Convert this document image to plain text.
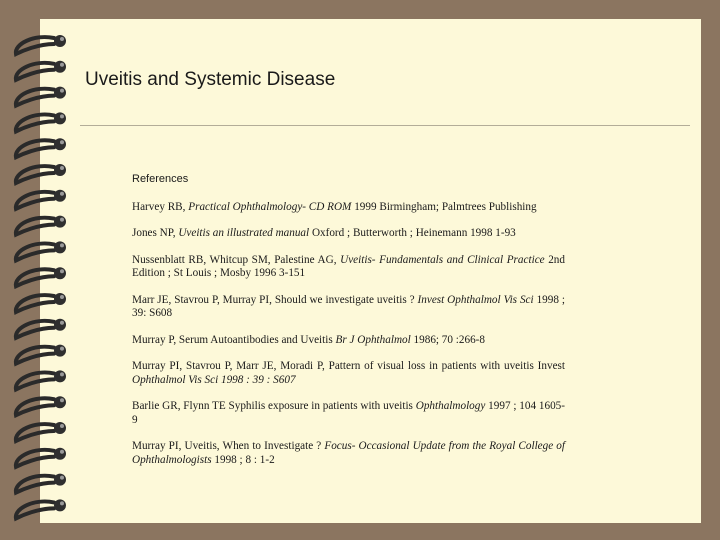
Uveitis and Systemic Disease
References

Harvey RB, Practical Ophthalmology- CD ROM 1999 Birmingham; Palmtrees Publishing

Jones NP, Uveitis an illustrated manual Oxford ; Butterworth ; Heinemann 1998 1-93

Nussenblatt RB, Whitcup SM, Palestine AG, Uveitis- Fundamentals and Clinical Practice 2nd Edition ; St Louis ; Mosby 1996 3-151

Marr JE, Stavrou P, Murray PI, Should we investigate uveitis ? Invest Ophthalmol Vis Sci 1998 ; 39: S608

Murray P, Serum Autoantibodies and Uveitis Br J Ophthalmol 1986; 70 :266-8

Murray PI, Stavrou P, Marr JE, Moradi P, Pattern of visual loss in patients with uveitis Invest Ophthalmol Vis Sci 1998 : 39 : S607

Barlie GR, Flynn TE Syphilis exposure in patients with uveitis Ophthalmology 1997 ; 104 1605-9

Murray PI, Uveitis, When to Investigate ? Focus- Occasional Update from the Royal College of Ophthalmologists 1998 ; 8 : 1-2
